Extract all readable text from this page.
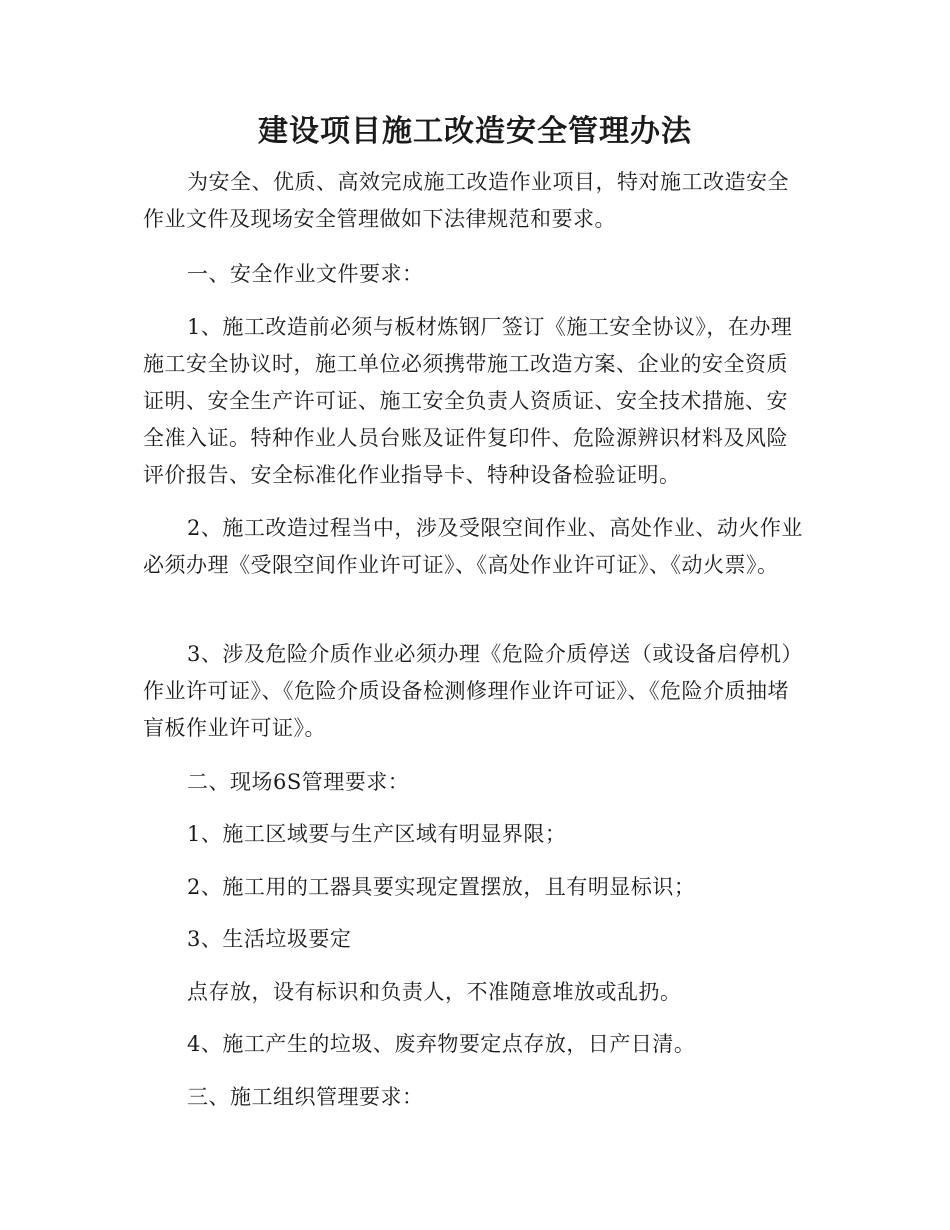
建设项目施工改造安全管理办法

为安全、优质、高效完成施工改造作业项目，特对施工改造安全作业文件及现场安全管理做如下法律规范和要求。

一、安全作业文件要求：

1、施工改造前必须与板材炼钢厂签订《施工安全协议》，在办理施工安全协议时，施工单位必须携带施工改造方案、企业的安全资质证明、安全生产许可证、施工安全负责人资质证、安全技术措施、安全准入证。特种作业人员台账及证件复印件、危险源辨识材料及风险评价报告、安全标准化作业指导卡、特种设备检验证明。

2、施工改造过程当中，涉及受限空间作业、高处作业、动火作业必须办理《受限空间作业许可证》、《高处作业许可证》、《动火票》。

3、涉及危险介质作业必须办理《危险介质停送（或设备启停机）作业许可证》、《危险介质设备检测修理作业许可证》、《危险介质抽堵盲板作业许可证》。

二、现场6S管理要求：

1、施工区域要与生产区域有明显界限；

2、施工用的工器具要实现定置摆放，且有明显标识；

3、生活垃圾要定

点存放，设有标识和负责人，不准随意堆放或乱扔。

4、施工产生的垃圾、废弃物要定点存放，日产日清。

三、施工组织管理要求：
